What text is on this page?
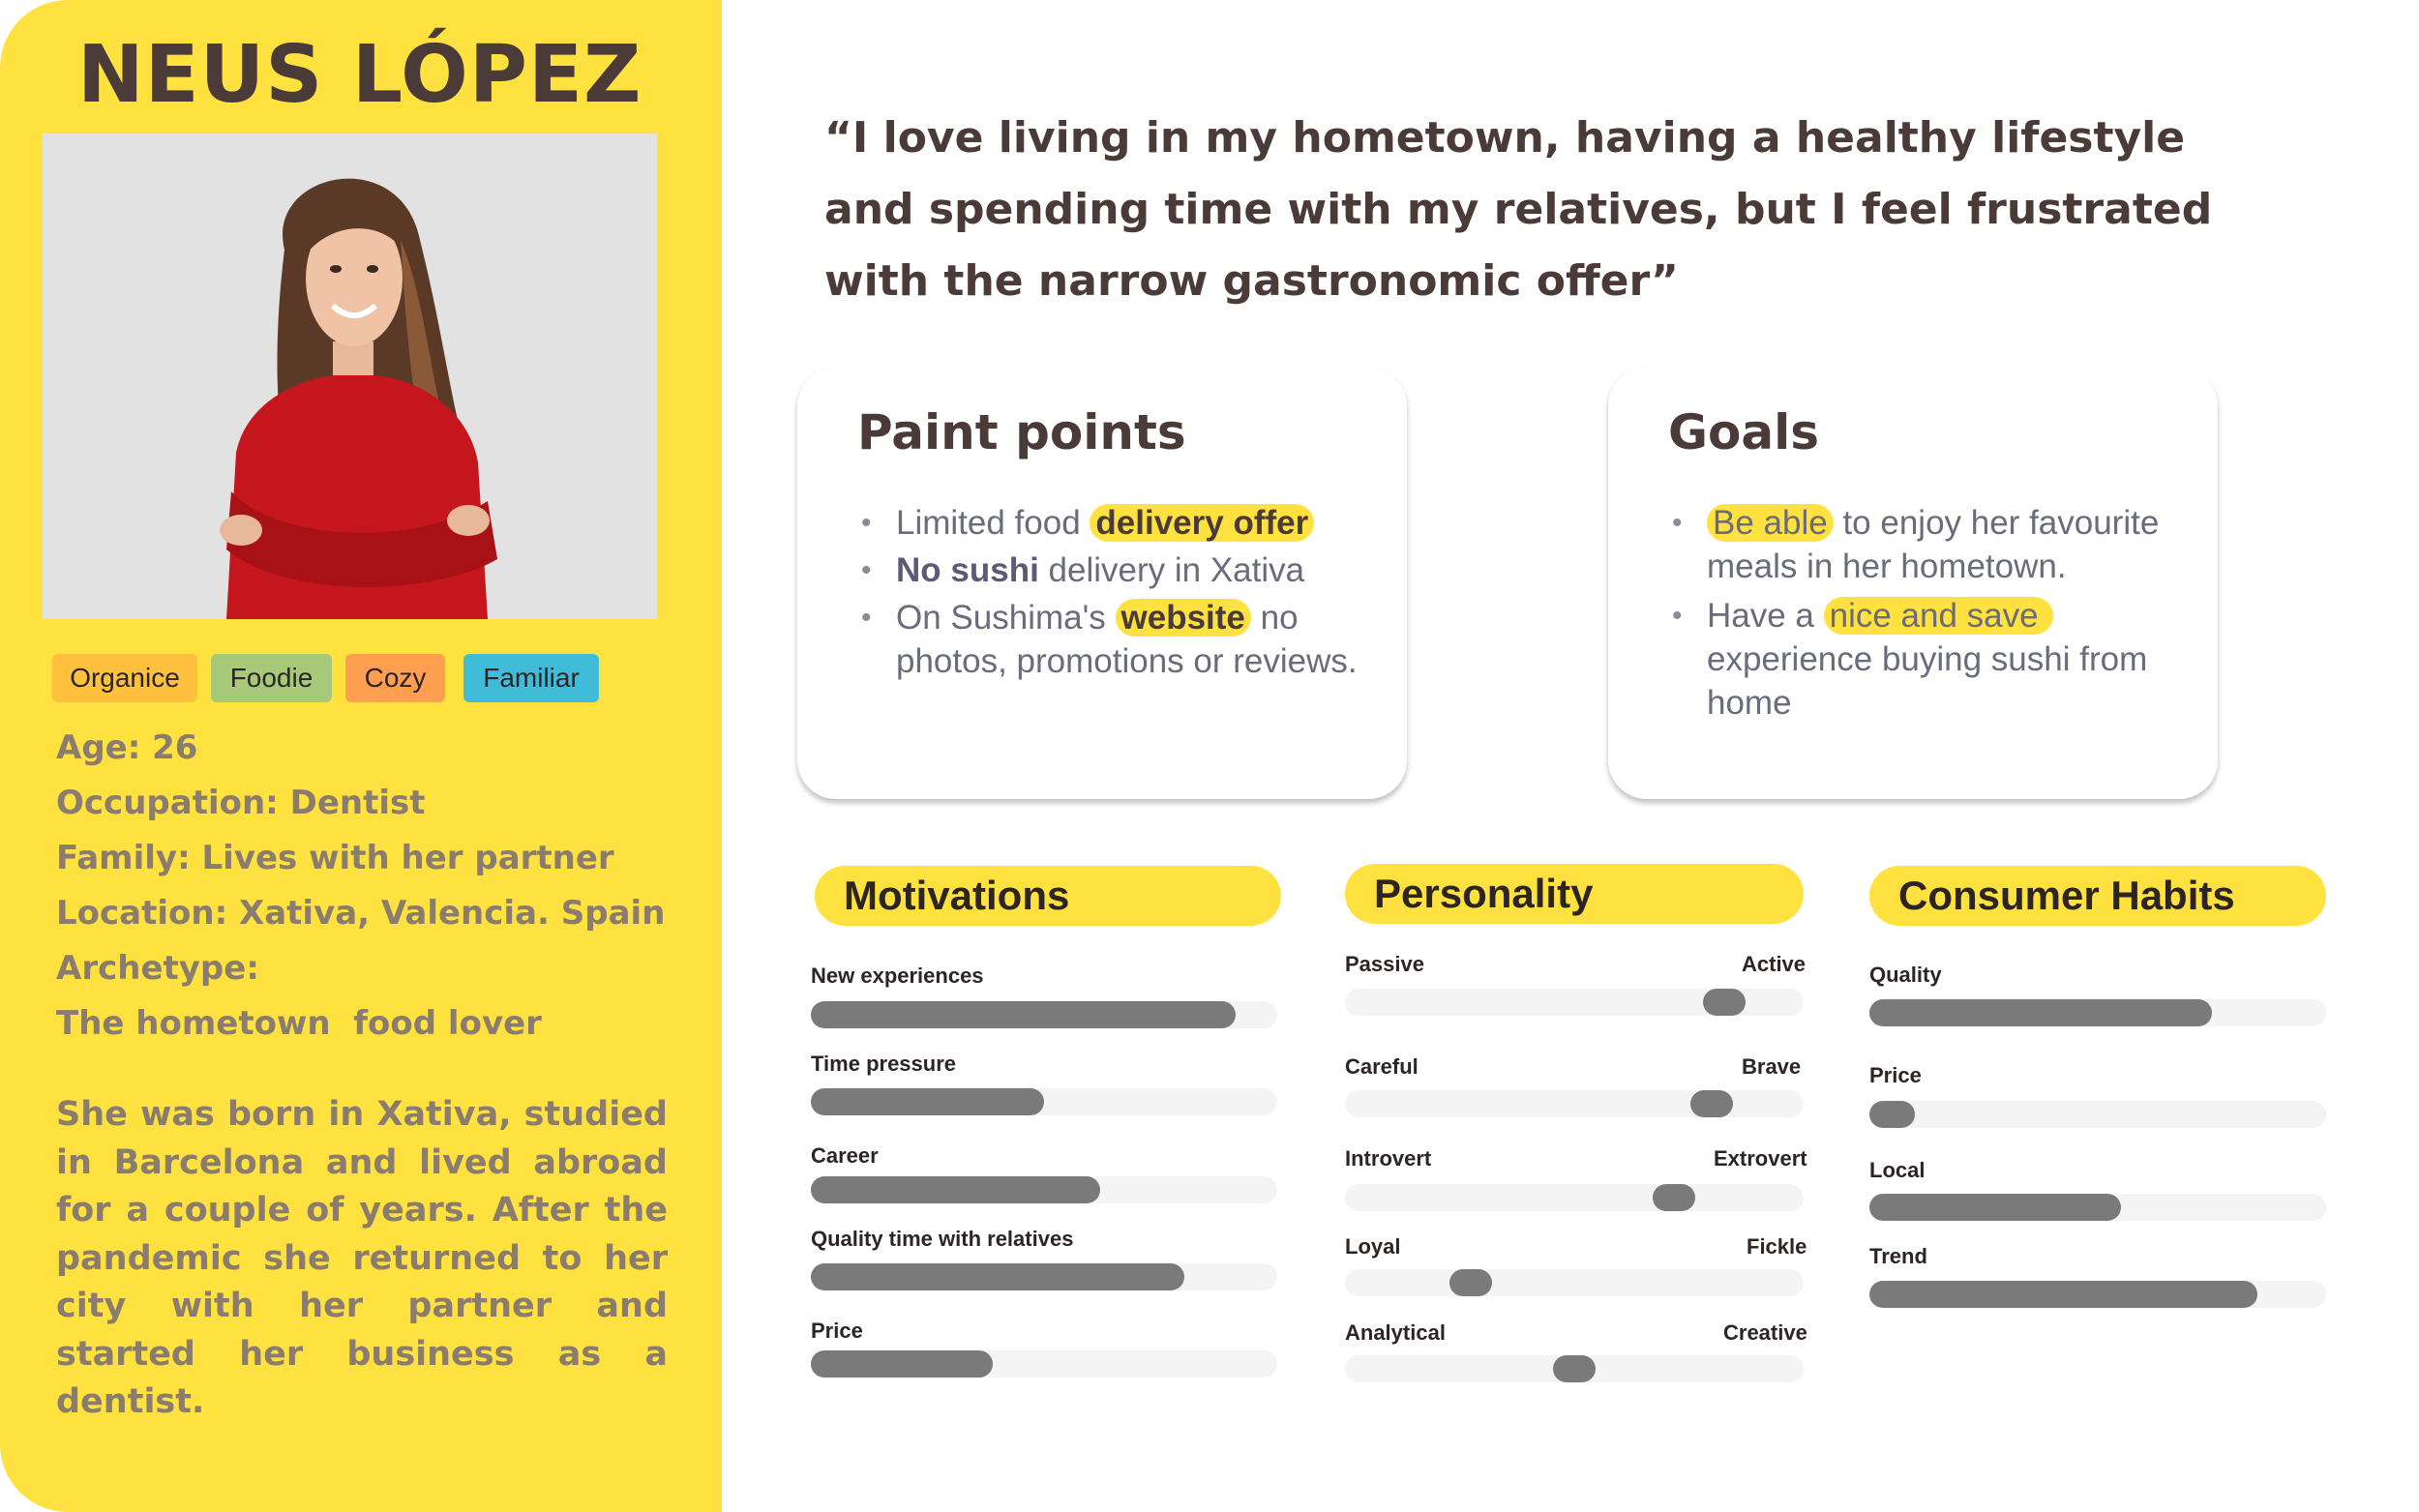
NEUS LÓPEZ
Organice	Foodie	Cozy	Familiar
Age: 26
Occupation: Dentist
Family: Lives with her partner
Location: Xativa, Valencia. Spain
Archetype:
The hometown  food lover
She was born in Xativa, studied in Barcelona and lived abroad for a couple of years. After the pandemic she returned to her city with her partner and started her business as a dentist.
“I love living in my hometown, having a healthy lifestyle and spending time with my relatives, but I feel frustrated with the narrow gastronomic offer”
Paint points
• Limited food delivery offer
• No sushi delivery in Xativa
• On Sushima's website no photos, promotions or reviews.
Goals
• Be able to enjoy her favourite meals in her hometown.
• Have a nice and save  experience buying sushi from home
Motivations	Personality	Consumer Habits
New experiences
Time pressure
Career
Quality time with relatives
Price
Passive	Active
Careful	Brave
Introvert	Extrovert
Loyal	Fickle
Analytical	Creative
Quality
Price
Local
Trend
